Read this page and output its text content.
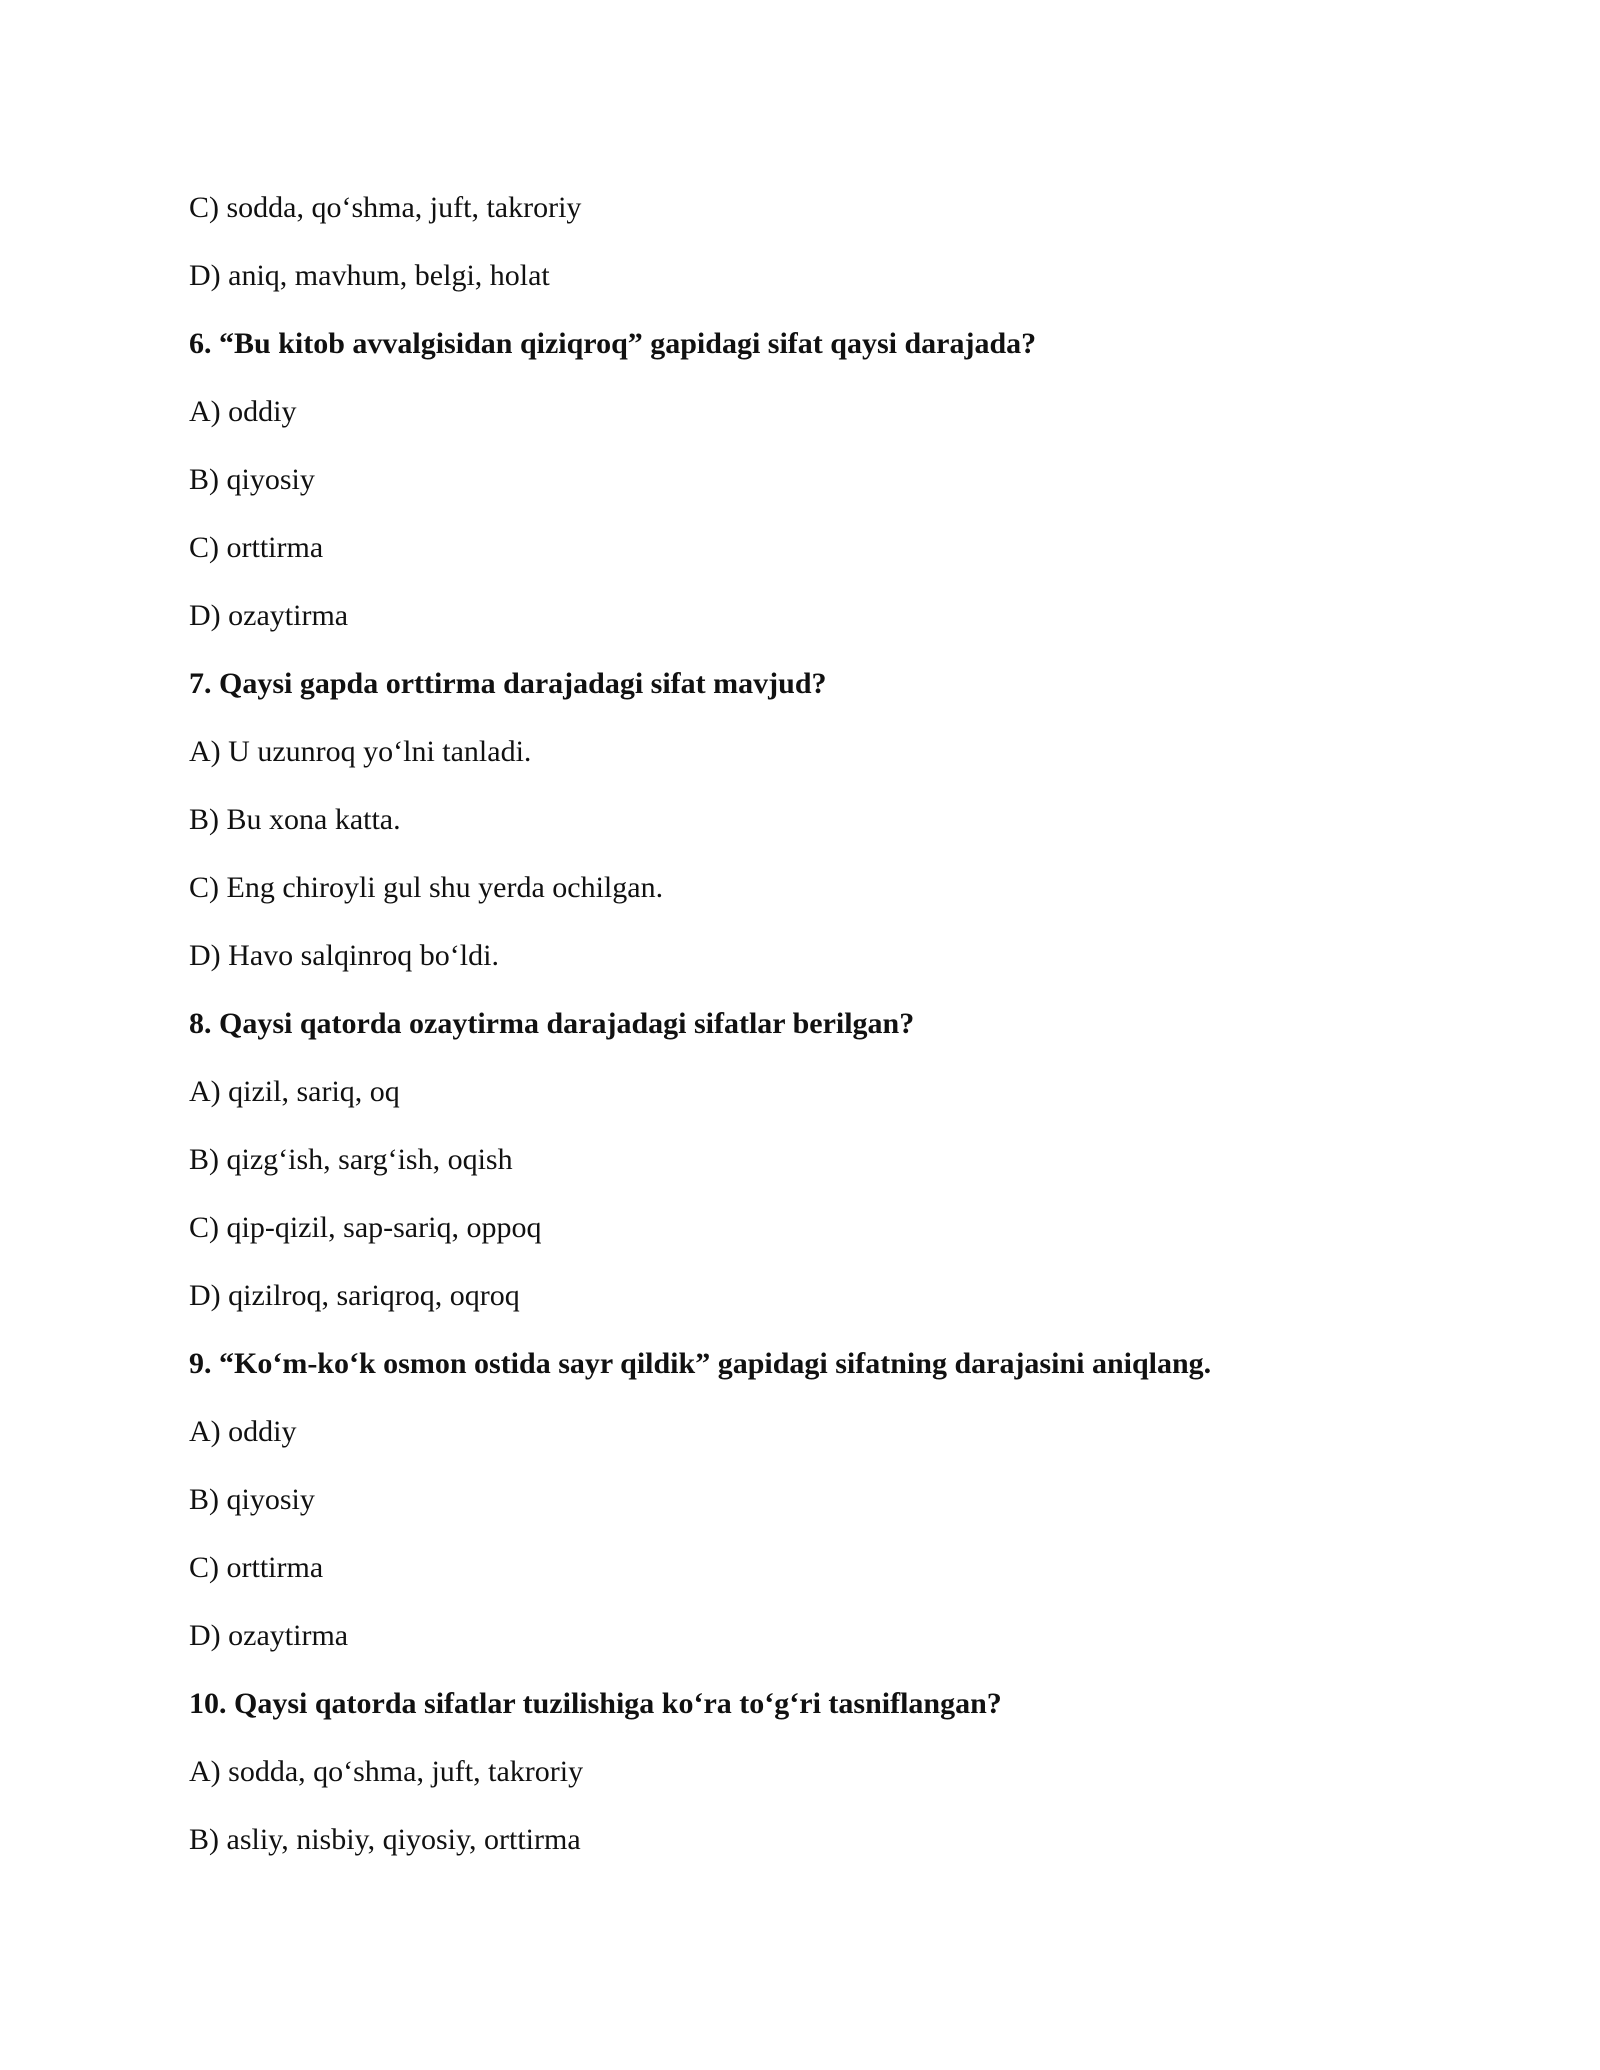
C) sodda, qo‘shma, juft, takroriy
D) aniq, mavhum, belgi, holat
6. “Bu kitob avvalgisidan qiziqroq” gapidagi sifat qaysi darajada?
A) oddiy
B) qiyosiy
C) orttirma
D) ozaytirma
7. Qaysi gapda orttirma darajadagi sifat mavjud?
A) U uzunroq yo‘lni tanladi.
B) Bu xona katta.
C) Eng chiroyli gul shu yerda ochilgan.
D) Havo salqinroq bo‘ldi.
8. Qaysi qatorda ozaytirma darajadagi sifatlar berilgan?
A) qizil, sariq, oq
B) qizg‘ish, sarg‘ish, oqish
C) qip-qizil, sap-sariq, oppoq
D) qizilroq, sariqroq, oqroq
9. “Ko‘m-ko‘k osmon ostida sayr qildik” gapidagi sifatning darajasini aniqlang.
A) oddiy
B) qiyosiy
C) orttirma
D) ozaytirma
10. Qaysi qatorda sifatlar tuzilishiga ko‘ra to‘g‘ri tasniflangan?
A) sodda, qo‘shma, juft, takroriy
B) asliy, nisbiy, qiyosiy, orttirma
